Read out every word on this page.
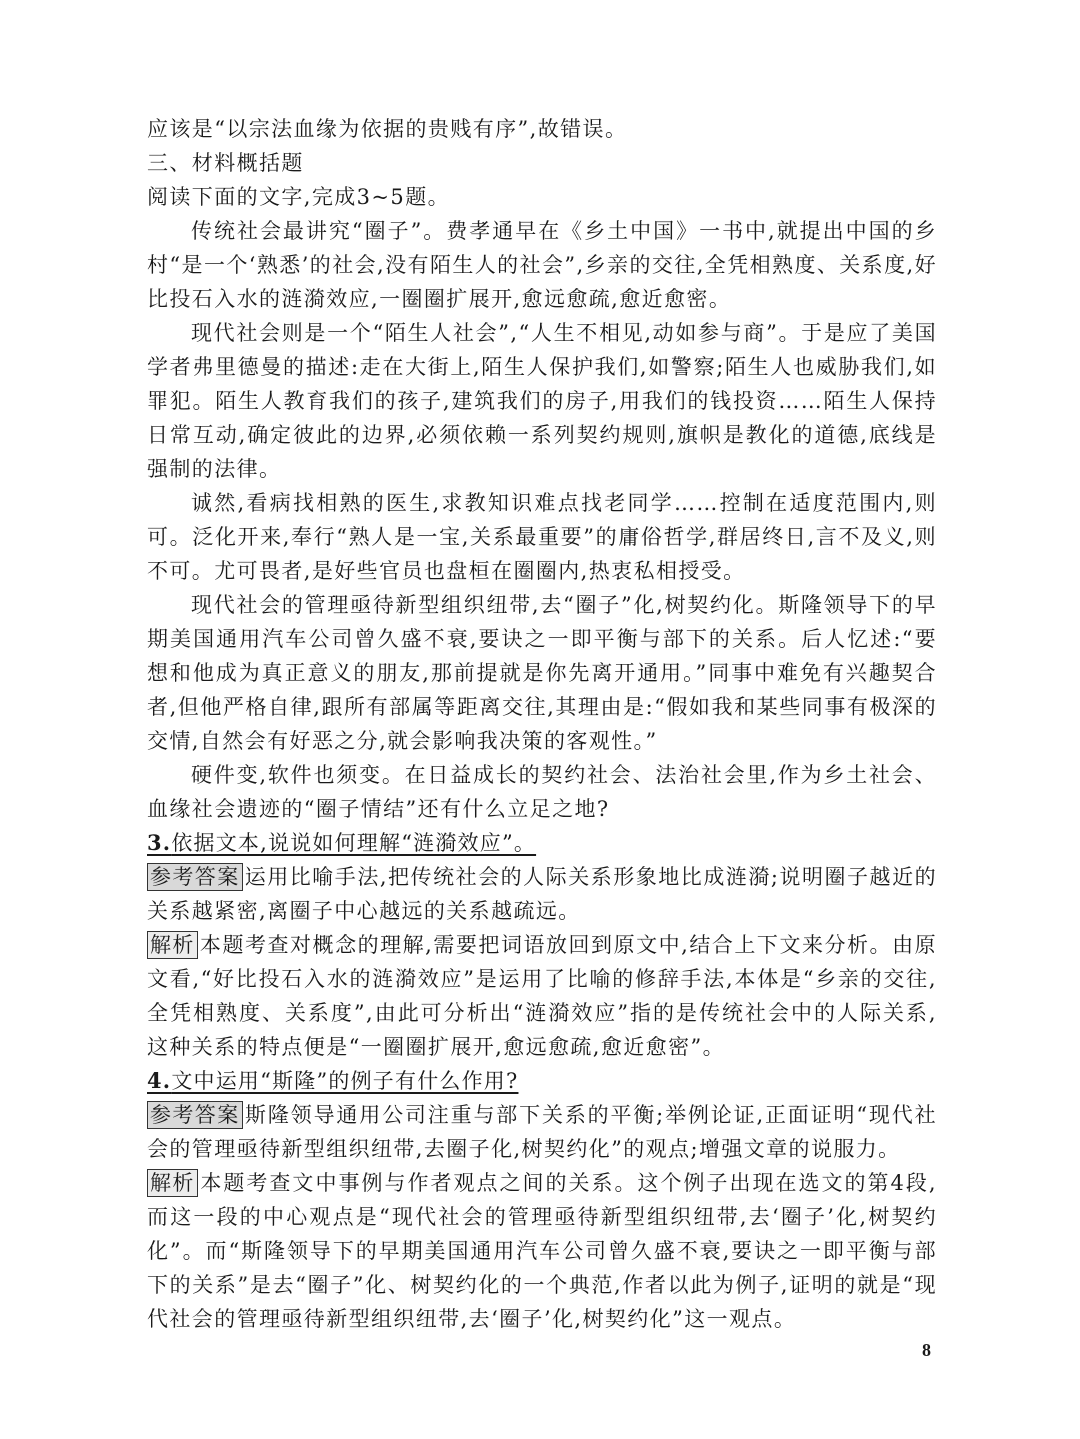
应该是“以宗法血缘为依据的贵贱有序”,故错误。
三、材料概括题
阅读下面的文字,完成3~5题。

传统社会最讲究“圈子”。费孝通早在《乡土中国》一书中,就提出中国的乡村“是一个‘熟悉’的社会,没有陌生人的社会”,乡亲的交往,全凭相熟度、关系度,好比投石入水的涟漪效应,一圈圈扩展开,愈远愈疏,愈近愈密。

现代社会则是一个“陌生人社会”,“人生不相见,动如参与商”。于是应了美国学者弗里德曼的描述:走在大街上,陌生人保护我们,如警察;陌生人也威胁我们,如罪犯。陌生人教育我们的孩子,建筑我们的房子,用我们的钱投资……陌生人保持日常互动,确定彼此的边界,必须依赖一系列契约规则,旗帜是教化的道德,底线是强制的法律。

诚然,看病找相熟的医生,求教知识难点找老同学……控制在适度范围内,则可。泛化开来,奉行“熟人是一宝,关系最重要”的庸俗哲学,群居终日,言不及义,则不可。尤可畏者,是好些官员也盘桓在圈圈内,热衷私相授受。

现代社会的管理亟待新型组织纽带,去“圈子”化,树契约化。斯隆领导下的早期美国通用汽车公司曾久盛不衰,要诀之一即平衡与部下的关系。后人忆述:“要想和他成为真正意义的朋友,那前提就是你先离开通用。”同事中难免有兴趣契合者,但他严格自律,跟所有部属等距离交往,其理由是:“假如我和某些同事有极深的交情,自然会有好恶之分,就会影响我决策的客观性。”

硬件变,软件也须变。在日益成长的契约社会、法治社会里,作为乡土社会、血缘社会遗迹的“圈子情结”还有什么立足之地?

3.依据文本,说说如何理解“涟漪效应”。

参考答案 运用比喻手法,把传统社会的人际关系形象地比成涟漪;说明圈子越近的关系越紧密,离圈子中心越远的关系越疏远。

解析 本题考查对概念的理解,需要把词语放回到原文中,结合上下文来分析。由原文看,“好比投石入水的涟漪效应”是运用了比喻的修辞手法,本体是“乡亲的交往,全凭相熟度、关系度”,由此可分析出“涟漪效应”指的是传统社会中的人际关系,这种关系的特点便是“一圈圈扩展开,愈远愈疏,愈近愈密”。

4.文中运用“斯隆”的例子有什么作用?

参考答案 斯隆领导通用公司注重与部下关系的平衡;举例论证,正面证明“现代社会的管理亟待新型组织纽带,去圈子化,树契约化”的观点;增强文章的说服力。

解析 本题考查文中事例与作者观点之间的关系。这个例子出现在选文的第4段,而这一段的中心观点是“现代社会的管理亟待新型组织纽带,去‘圈子’化,树契约化”。而“斯隆领导下的早期美国通用汽车公司曾久盛不衰,要诀之一即平衡与部下的关系”是去“圈子”化、树契约化的一个典范,作者以此为例子,证明的就是“现代社会的管理亟待新型组织纽带,去‘圈子’化,树契约化”这一观点。

8
